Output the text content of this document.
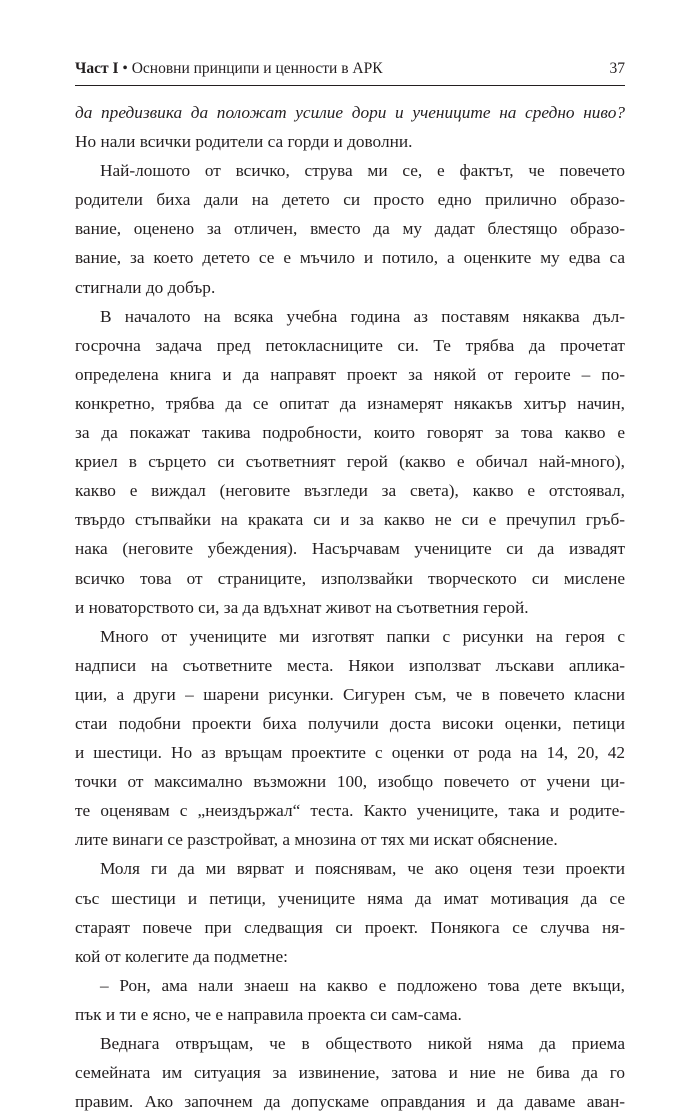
Част I • Основни принципи и ценности в АРК	37
да предизвика да положат усилие дори и учениците на средно ниво?
Но нали всички родители са горди и доволни.
Най-лошото от всичко, струва ми се, е фактът, че повечето
родители биха дали на детето си просто едно прилично образо-
вание, оценено за отличен, вместо да му дадат блестящо образо-
вание, за което детето се е мъчило и потило, а оценките му едва са
стигнали до добър.
В началото на всяка учебна година аз поставям някаква дъл-
госрочна задача пред петокласниците си. Те трябва да прочетат
определена книга и да направят проект за някой от героите – по-
конкретно, трябва да се опитат да изнамерят някакъв хитър начин,
за да покажат такива подробности, които говорят за това какво е
криел в сърцето си съответният герой (какво е обичал най-много),
какво е виждал (неговите възгледи за света), какво е отстоявал,
твърдо стъпвайки на краката си и за какво не си е пречупил гръб-
нака (неговите убеждения). Насърчавам учениците си да извадят
всичко това от страниците, използвайки творческото си мислене
и новаторството си, за да вдъхнат живот на съответния герой.
Много от учениците ми изготвят папки с рисунки на героя с
надписи на съответните места. Някои използват лъскави аплика-
ции, а други – шарени рисунки. Сигурен съм, че в повечето класни
стаи подобни проекти биха получили доста високи оценки, петици
и шестици. Но аз връщам проектите с оценки от рода на 14, 20, 42
точки от максимално възможни 100, изобщо повечето от учени ци-
те оценявам с „неиздържал“ теста. Както учениците, така и родите-
лите винаги се разстройват, а мнозина от тях ми искат обяснение.
Моля ги да ми вярват и пояснявам, че ако оценя тези проекти
със шестици и петици, учениците няма да имат мотивация да се
стараят повече при следващия си проект. Понякога се случва ня-
кой от колегите да подметне:
– Рон, ама нали знаеш на какво е подложено това дете вкъщи,
пък и ти е ясно, че е направила проекта си сам-сама.
Веднага отвръщам, че в обществото никой няма да приема
семейната им ситуация за извинение, затова и ние не бива да го
правим. Ако започнем да допускаме оправдания и да даваме аван-
